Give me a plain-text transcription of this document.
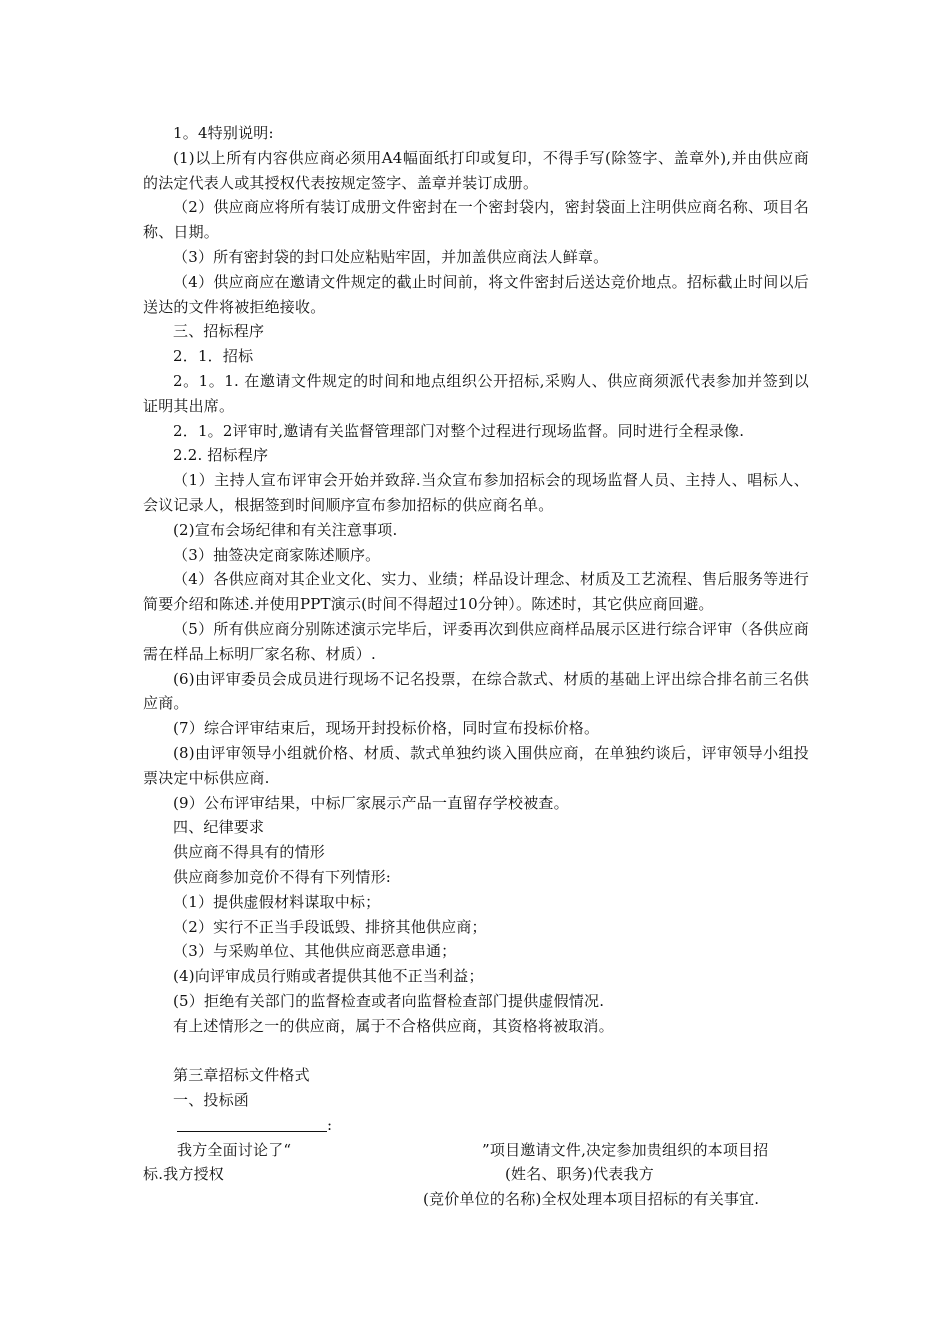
1。4特别说明:

(1)以上所有内容供应商必须用A4幅面纸打印或复印，不得手写(除签字、盖章外),并由供应商的法定代表人或其授权代表按规定签字、盖章并装订成册。

（2）供应商应将所有装订成册文件密封在一个密封袋内，密封袋面上注明供应商名称、项目名称、日期。

（3）所有密封袋的封口处应粘贴牢固，并加盖供应商法人鲜章。

（4）供应商应在邀请文件规定的截止时间前，将文件密封后送达竞价地点。招标截止时间以后送达的文件将被拒绝接收。

三、招标程序

2．1．招标

2。1。1. 在邀请文件规定的时间和地点组织公开招标,采购人、供应商须派代表参加并签到以证明其出席。

2．1。2评审时,邀请有关监督管理部门对整个过程进行现场监督。同时进行全程录像.

2.2. 招标程序

（1）主持人宣布评审会开始并致辞.当众宣布参加招标会的现场监督人员、主持人、唱标人、会议记录人，根据签到时间顺序宣布参加招标的供应商名单。

(2)宣布会场纪律和有关注意事项.

（3）抽签决定商家陈述顺序。

（4）各供应商对其企业文化、实力、业绩；样品设计理念、材质及工艺流程、售后服务等进行简要介绍和陈述.并使用PPT演示(时间不得超过10分钟）。陈述时，其它供应商回避。

（5）所有供应商分别陈述演示完毕后，评委再次到供应商样品展示区进行综合评审（各供应商需在样品上标明厂家名称、材质）.

(6)由评审委员会成员进行现场不记名投票，在综合款式、材质的基础上评出综合排名前三名供应商。

(7）综合评审结束后，现场开封投标价格，同时宣布投标价格。

(8)由评审领导小组就价格、材质、款式单独约谈入围供应商，在单独约谈后，评审领导小组投票决定中标供应商.

(9）公布评审结果，中标厂家展示产品一直留存学校被查。

四、纪律要求

供应商不得具有的情形

供应商参加竞价不得有下列情形:

（1）提供虚假材料谋取中标；

（2）实行不正当手段诋毁、排挤其他供应商；

（3）与采购单位、其他供应商恶意串通；

(4)向评审成员行贿或者提供其他不正当利益；

(5）拒绝有关部门的监督检查或者向监督检查部门提供虚假情况.

有上述情形之一的供应商，属于不合格供应商，其资格将被取消。

第三章招标文件格式

一、投标函

:

我方全面讨论了“	”项目邀请文件,决定参加贵组织的本项目招
标.我方授权	(姓名、职务)代表我方
(竞价单位的名称)全权处理本项目招标的有关事宜.
